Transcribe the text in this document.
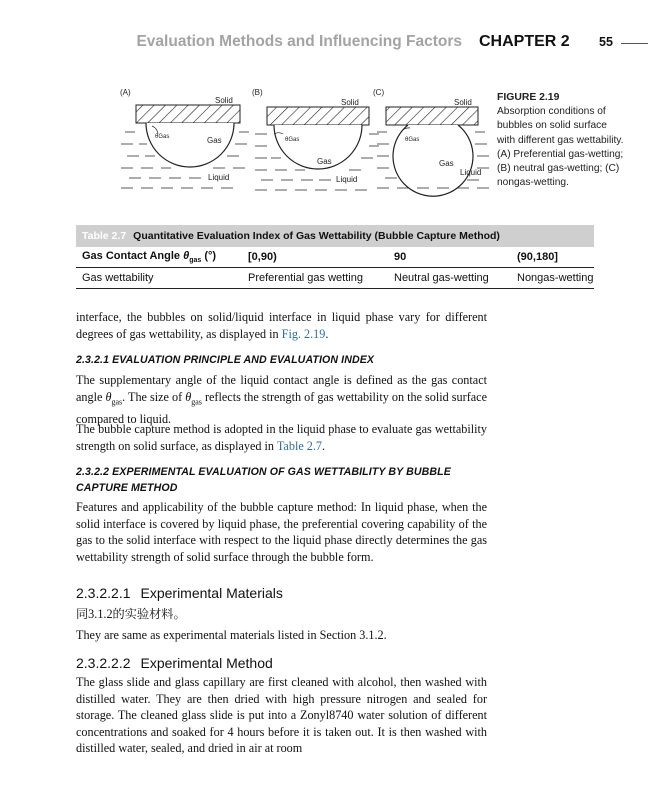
Evaluation Methods and Influencing Factors CHAPTER 2 55
(A)
Solid
θGas	Gas
Liquid
(B)
Solid
θGas
Gas
Liquid
(C)
Solid
θGas
Gas
Liquid
FIGURE 2.19
Absorption conditions of bubbles on solid surface with different gas wettability. (A) Preferential gas-wetting; (B) neutral gas-wetting; (C) nongas-wetting.
Table 2.7 Quantitative Evaluation Index of Gas Wettability (Bubble Capture Method)
Gas Contact Angle $\theta_{gas}$ (°)	[0,90)	90	(90,180]
Gas wettability	Preferential gas wetting	Neutral gas-wetting	Nongas-wetting

interface, the bubbles on solid/liquid interface in liquid phase vary for different degrees of gas wettability, as displayed in Fig. 2.19.

2.3.2.1 EVALUATION PRINCIPLE AND EVALUATION INDEX

The supplementary angle of the liquid contact angle is defined as the gas contact angle $\theta_{gas}$. The size of $\theta_{gas}$ reflects the strength of gas wettability on the solid surface compared to liquid.

The bubble capture method is adopted in the liquid phase to evaluate gas wettability strength on solid surface, as displayed in Table 2.7.

2.3.2.2 EXPERIMENTAL EVALUATION OF GAS WETTABILITY BY BUBBLE CAPTURE METHOD

Features and applicability of the bubble capture method: In liquid phase, when the solid interface is covered by liquid phase, the preferential covering capability of the gas to the solid interface with respect to the liquid phase directly determines the gas wettability strength of solid surface through the bubble form.

2.3.2.2.1 Experimental Materials
同3.1.2的实验材料。

They are same as experimental materials listed in Section 3.1.2.

2.3.2.2.2 Experimental Method

The glass slide and glass capillary are first cleaned with alcohol, then washed with distilled water. They are then dried with high pressure nitrogen and sealed for storage. The cleaned glass slide is put into a Zonyl8740 water solution of different concentrations and soaked for 4 hours before it is taken out. It is then washed with distilled water, sealed, and dried in air at room
